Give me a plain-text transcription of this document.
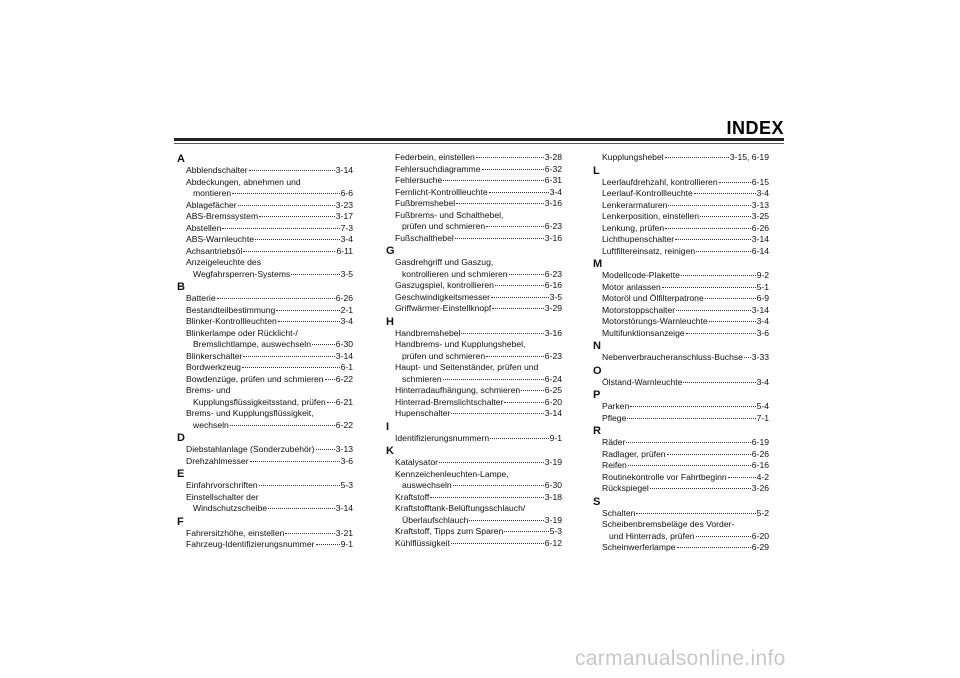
INDEX
A
Abblendschalter	3-14
Abdeckungen, abnehmen und
montieren	6-6
Ablagefächer	3-23
ABS-Bremssystem	3-17
Abstellen	7-3
ABS-Warnleuchte	3-4
Achsantriebsöl	6-11
Anzeigeleuchte des
Wegfahrsperren-Systems	3-5
B
Batterie	6-26
Bestandteilbestimmung	2-1
Blinker-Kontrollleuchten	3-4
Blinkerlampe oder Rücklicht-/
Bremslichtlampe, auswechseln	6-30
Blinkerschalter	3-14
Bordwerkzeug	6-1
Bowdenzüge, prüfen und schmieren 6-22
Brems- und
Kupplungsflüssigkeitsstand, prüfen 6-21
Brems- und Kupplungsflüssigkeit,
wechseln	6-22
D
Diebstahlanlage (Sonderzubehör) 3-13
Drehzahlmesser	3-6
E
Einfahrvorschriften	5-3
Einstellschalter der
Windschutzscheibe	3-14
F
Fahrersitzhöhe, einstellen	3-21
Fahrzeug-Identifizierungsnummer	9-1
Federbein, einstellen	3-28
Fehlersuchdiagramme	6-32
Fehlersuche	6-31
Fernlicht-Kontrollleuchte	3-4
Fußbremshebel	3-16
Fußbrems- und Schalthebel,
prüfen und schmieren	6-23
Fußschalthebel	3-16
G
Gasdrehgriff und Gaszug,
kontrollieren und schmieren	6-23
Gaszugspiel, kontrollieren	6-16
Geschwindigkeitsmesser	3-5
Griffwärmer-Einstellknopf	3-29
H
Handbremshebel	3-16
Handbrems- und Kupplungshebel,
prüfen und schmieren	6-23
Haupt- und Seitenständer, prüfen und
schmieren	6-24
Hinterradaufhängung, schmieren	6-25
Hinterrad-Bremslichtschalter	6-20
Hupenschalter	3-14
I
Identifizierungsnummern	9-1
K
Katalysator	3-19
Kennzeichenleuchten-Lampe,
auswechseln	6-30
Kraftstoff	3-18
Kraftstofftank-Belüftungsschlauch/
Überlaufschlauch	3-19
Kraftstoff, Tipps zum Sparen	5-3
Kühlflüssigkeit	6-12
Kupplungshebel	3-15, 6-19
L
Leerlaufdrehzahl, kontrollieren	6-15
Leerlauf-Kontrollleuchte	3-4
Lenkerarmaturen	3-13
Lenkerposition, einstellen	3-25
Lenkung, prüfen	6-26
Lichthupenschalter	3-14
Luftfiltereinsatz, reinigen	6-14
M
Modellcode-Plakette	9-2
Motor anlassen	5-1
Motoröl und Ölfilterpatrone	6-9
Motorstoppschalter	3-14
Motorstörungs-Warnleuchte	3-4
Multifunktionsanzeige	3-6
N
Nebenverbraucheranschluss-Buchse 3-33
O
Ölstand-Warnleuchte	3-4
P
Parken	5-4
Pflege	7-1
R
Räder	6-19
Radlager, prüfen	6-26
Reifen	6-16
Routinekontrolle vor Fahrtbeginn	4-2
Rückspiegel	3-26
S
Schalten	5-2
Scheibenbremsbeläge des Vorder-
und Hinterrads, prüfen	6-20
Scheinwerferlampe	6-29
carmanualsonline.info
